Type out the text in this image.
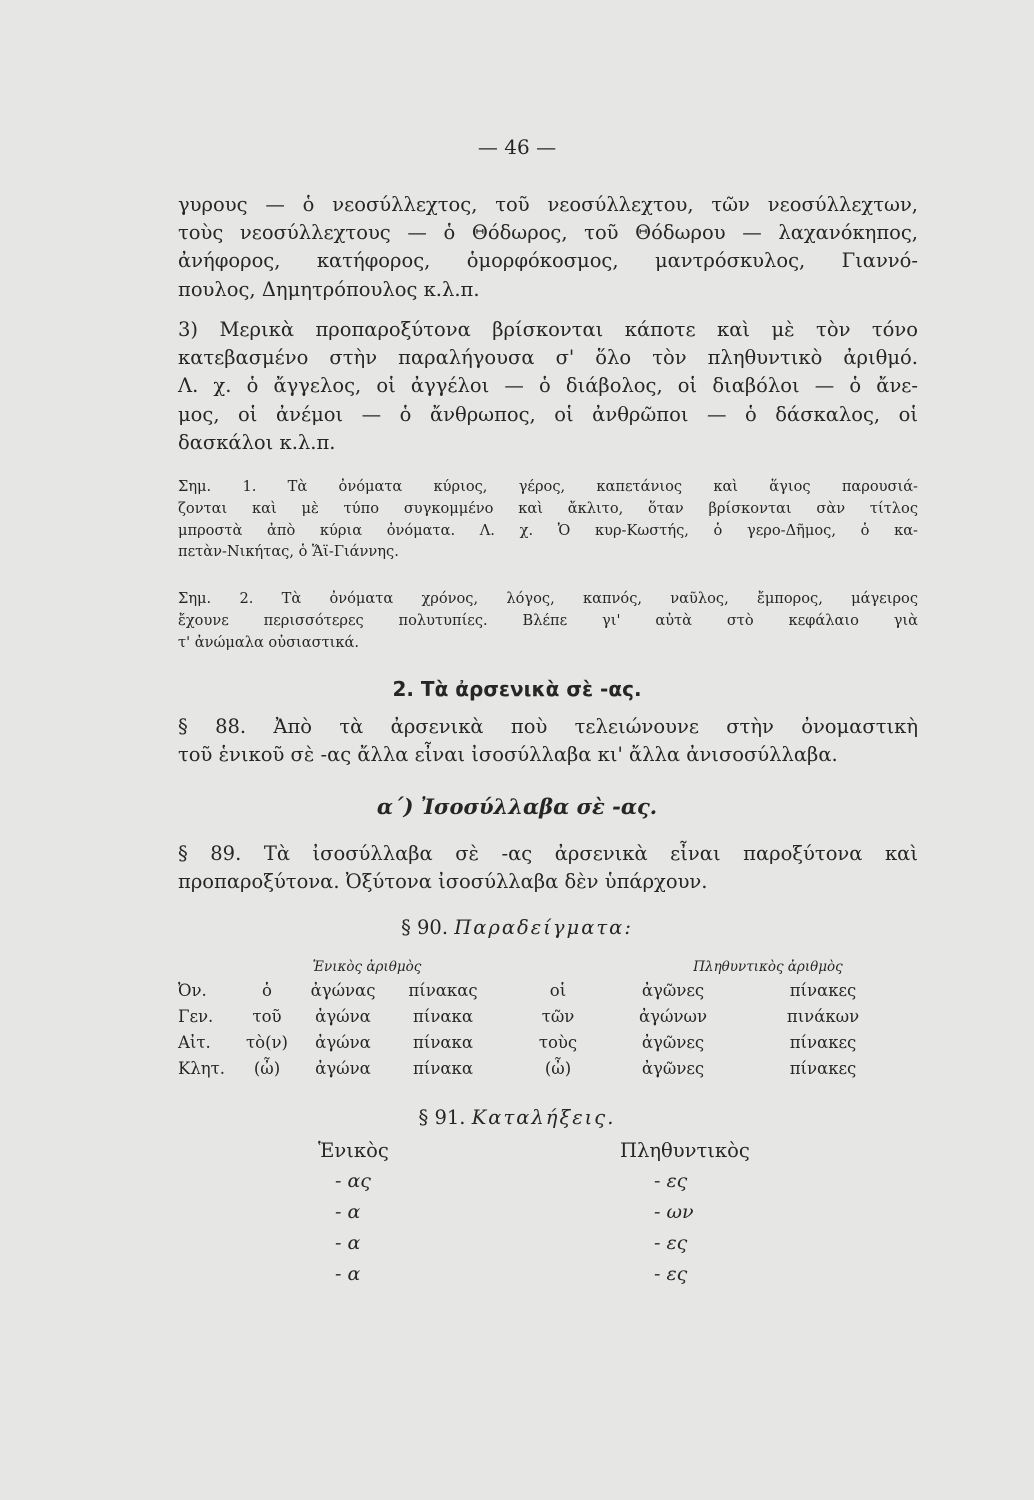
— 46 —
γυρους — ὁ νεοσύλλεχτος, τοῦ νεοσύλλεχτου, τῶν νεοσύλλεχτων,
τοὺς νεοσύλλεχτους — ὁ Θόδωρος, τοῦ Θόδωρου — λαχανόκηπος,
ἀνήφορος, κατήφορος, ὁμορφόκοσμος, μαντρόσκυλος, Γιαννό-
πουλος, Δημητρόπουλος κ.λ.π.
3) Μερικὰ προπαροξύτονα βρίσκονται κάποτε καὶ μὲ τὸν τόνο
κατεβασμένο στὴν παραλήγουσα σ' ὅλο τὸν πληθυντικὸ ἀριθμό.
Λ. χ. ὁ ἄγγελος, οἱ ἀγγέλοι — ὁ διάβολος, οἱ διαβόλοι — ὁ ἄνε-
μος, οἱ ἀνέμοι — ὁ ἄνθρωπος, οἱ ἀνθρῶποι — ὁ δάσκαλος, οἱ
δασκάλοι κ.λ.π.
Σημ. 1. Τὰ ὀνόματα κύριος, γέρος, καπετάνιος καὶ ἅγιος παρουσιά-
ζονται καὶ μὲ τύπο συγκομμένο καὶ ἄκλιτο, ὅταν βρίσκονται σὰν τίτλος
μπροστὰ ἀπὸ κύρια ὀνόματα. Λ. χ. Ὁ κυρ-Κωστής, ὁ γερο-Δῆμος, ὁ κα-
πετὰν-Νικήτας, ὁ Ἅϊ-Γιάννης.
Σημ. 2. Τὰ ὀνόματα χρόνος, λόγος, καπνός, ναῦλος, ἔμπορος, μάγειρος
ἔχουνε περισσότερες πολυτυπίες. Βλέπε γι' αὐτὰ στὸ κεφάλαιο γιὰ
τ' ἀνώμαλα οὐσιαστικά.
2. Τὰ ἀρσενικὰ σὲ -ας.
§ 88. Ἀπὸ τὰ ἀρσενικὰ ποὺ τελειώνουνε στὴν ὀνομαστικὴ
τοῦ ἑνικοῦ σὲ -ας ἄλλα εἶναι ἰσοσύλλαβα κι' ἄλλα ἀνισοσύλλαβα.
α΄) Ἰσοσύλλαβα σὲ -ας.
§ 89. Τὰ ἰσοσύλλαβα σὲ -ας ἀρσενικὰ εἶναι παροξύτονα καὶ
προπαροξύτονα. Ὀξύτονα ἰσοσύλλαβα δὲν ὑπάρχουν.
§ 90. Παραδείγματα:
	Ἑνικὸς ἀριθμὸς				Πληθυντικὸς ἀριθμὸς	
Ὀν.	ὁ	ἀγώνας	πίνακας	οἱ	ἀγῶνες	πίνακες
Γεν.	τοῦ	ἀγώνα	πίνακα	τῶν	ἀγώνων	πινάκων
Αἰτ.	τὸ(ν)	ἀγώνα	πίνακα	τοὺς	ἀγῶνες	πίνακες
Κλητ.	(ὦ)	ἀγώνα	πίνακα	(ὦ)	ἀγῶνες	πίνακες
§ 91. Καταλήξεις.
Ἑνικὸς	Πληθυντικὸς
- ας	- ες
- α	- ων
- α	- ες
- α	- ες
